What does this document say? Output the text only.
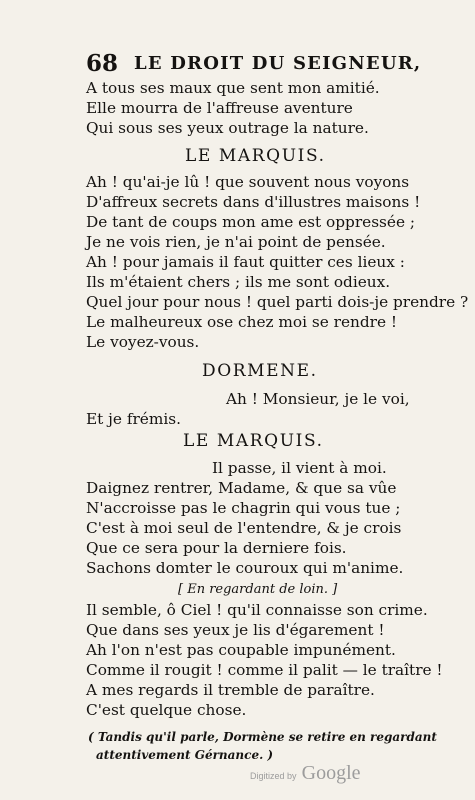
68 LE DROIT DU SEIGNEUR,
A tous ses maux que sent mon amitié.
Elle mourra de l'affreuse aventure
Qui sous ses yeux outrage la nature.
LE MARQUIS.
Ah ! qu'ai-je lû ! que souvent nous voyons
D'affreux secrets dans d'illustres maisons !
De tant de coups mon ame est oppressée ;
Je ne vois rien, je n'ai point de pensée.
Ah ! pour jamais il faut quitter ces lieux :
Ils m'étaient chers ; ils me sont odieux.
Quel jour pour nous ! quel parti dois-je prendre ?
Le malheureux ose chez moi se rendre !
Le voyez-vous.
DORMENE.
Ah ! Monsieur, je le voi,
Et je frémis.
LE MARQUIS.
Il passe, il vient à moi.
Daignez rentrer, Madame, & que sa vûe
N'accroisse pas le chagrin qui vous tue ;
C'est à moi seul de l'entendre, & je crois
Que ce sera pour la derniere fois.
Sachons domter le couroux qui m'anime.
[ En regardant de loin. ]
Il semble, ô Ciel ! qu'il connaisse son crime.
Que dans ses yeux je lis d'égarement !
Ah l'on n'est pas coupable impunément.
Comme il rougit ! comme il palit — le traître !
A mes regards il tremble de paraître.
C'est quelque chose.
( Tandis qu'il parle, Dormène se retire en regardant
attentivement Gérnance. )
Digitized by Google
